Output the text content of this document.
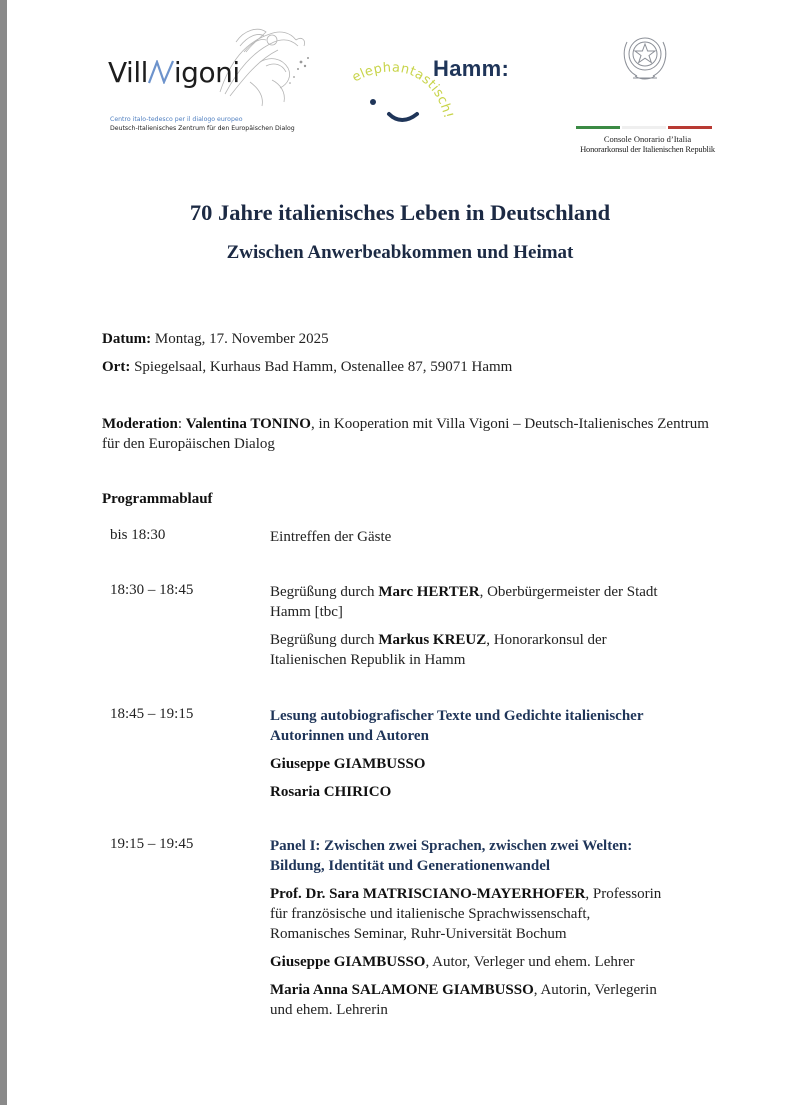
Vill igoni
Centro italo-tedesco per il dialogo europeo
Deutsch-Italienisches Zentrum für den Europäischen Dialog
elephantastisch!
Hamm:
Console Onorario d’Italia
Honorarkonsul der Italienischen Republik
70 Jahre italienisches Leben in Deutschland
Zwischen Anwerbeabkommen und Heimat
Datum: Montag, 17. November 2025
Ort: Spiegelsaal, Kurhaus Bad Hamm, Ostenallee 87, 59071 Hamm
Moderation: Valentina TONINO, in Kooperation mit Villa Vigoni – Deutsch-Italienisches Zentrum für den Europäischen Dialog
Programmablauf
bis 18:30	Eintreffen der Gäste

18:30 – 18:45	Begrüßung durch Marc HERTER, Oberbürgermeister der Stadt Hamm [tbc]

Begrüßung durch Markus KREUZ, Honorarkonsul der Italienischen Republik in Hamm

18:45 – 19:15	Lesung autobiografischer Texte und Gedichte italienischer Autorinnen und Autoren

Giuseppe GIAMBUSSO

Rosaria CHIRICO

19:15 – 19:45	Panel I: Zwischen zwei Sprachen, zwischen zwei Welten: Bildung, Identität und Generationenwandel

Prof. Dr. Sara MATRISCIANO-MAYERHOFER, Professorin für französische und italienische Sprachwissenschaft, Romanisches Seminar, Ruhr-Universität Bochum

Giuseppe GIAMBUSSO, Autor, Verleger und ehem. Lehrer

Maria Anna SALAMONE GIAMBUSSO, Autorin, Verlegerin und ehem. Lehrerin
